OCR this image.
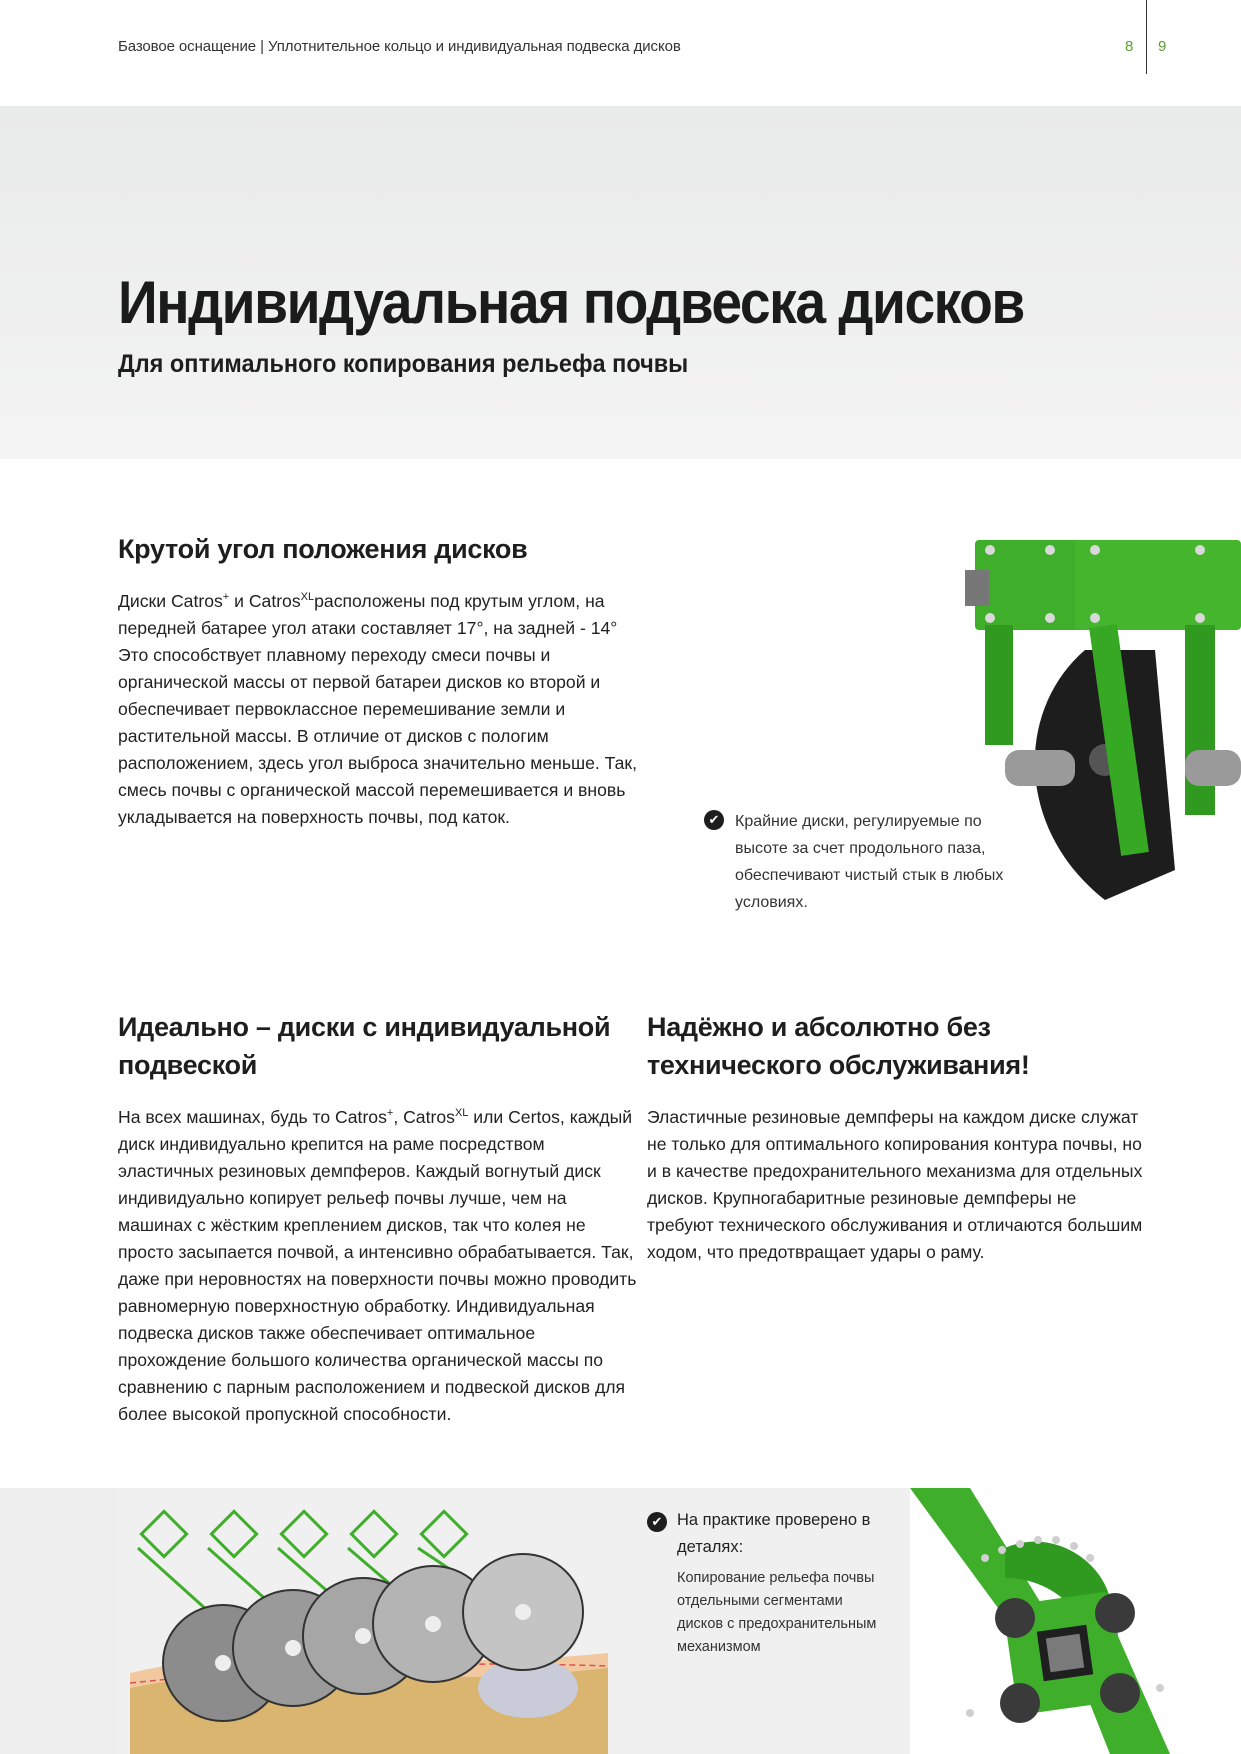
Базовое оснащение | Уплотнительное кольцо и индивидуальная подвеска дисков	8 9
Индивидуальная подвеска дисков
Для оптимального копирования рельефа почвы
Крутой угол положения дисков

Диски Catros+ и Catros$^{XL}$расположены под крутым углом, на передней батарее угол атаки составляет 17°, на задней - 14° Это способствует плавному переходу смеси почвы и органической массы от первой батареи дисков ко второй и обеспечивает первоклассное перемешивание земли и растительной массы. В отличие от дисков с пологим расположением, здесь угол выброса значительно меньше. Так, смесь почвы с органической массой перемешивается и вновь укладывается на поверхность почвы, под каток.	✔ Крайние диски, регулируемые по высоте за счет продольного паза, обеспечивают чистый стык в любых условиях.
Идеально – диски с индивидуальной подвеской

На всех машинах, будь то Catros+, Catros$^{XL}$ или Certos, каждый диск индивидуально крепится на раме посредством эластичных резиновых демпферов. Каждый вогнутый диск индивидуально копирует рельеф почвы лучше, чем на машинах с жёстким креплением дисков, так что колея не просто засыпается почвой, а интенсивно обрабатывается. Так, даже при неровностях на поверхности почвы можно проводить равномерную поверхностную обработку. Индивидуальная подвеска дисков также обеспечивает оптимальное прохождение большого количества органической массы по сравнению с парным расположением и подвеской дисков для более высокой пропускной способности.

Надёжно и абсолютно без технического обслуживания!

Эластичные резиновые демпферы на каждом диске служат не только для оптимального копирования контура почвы, но и в качестве предохранительного механизма для отдельных дисков. Крупногабаритные резиновые демпферы не требуют технического обслуживания и отличаются большим ходом, что предотвращает удары о раму.

✔ На практике проверено в деталях:
Копирование рельефа почвы отдельными сегментами дисков с предохранительным механизмом
